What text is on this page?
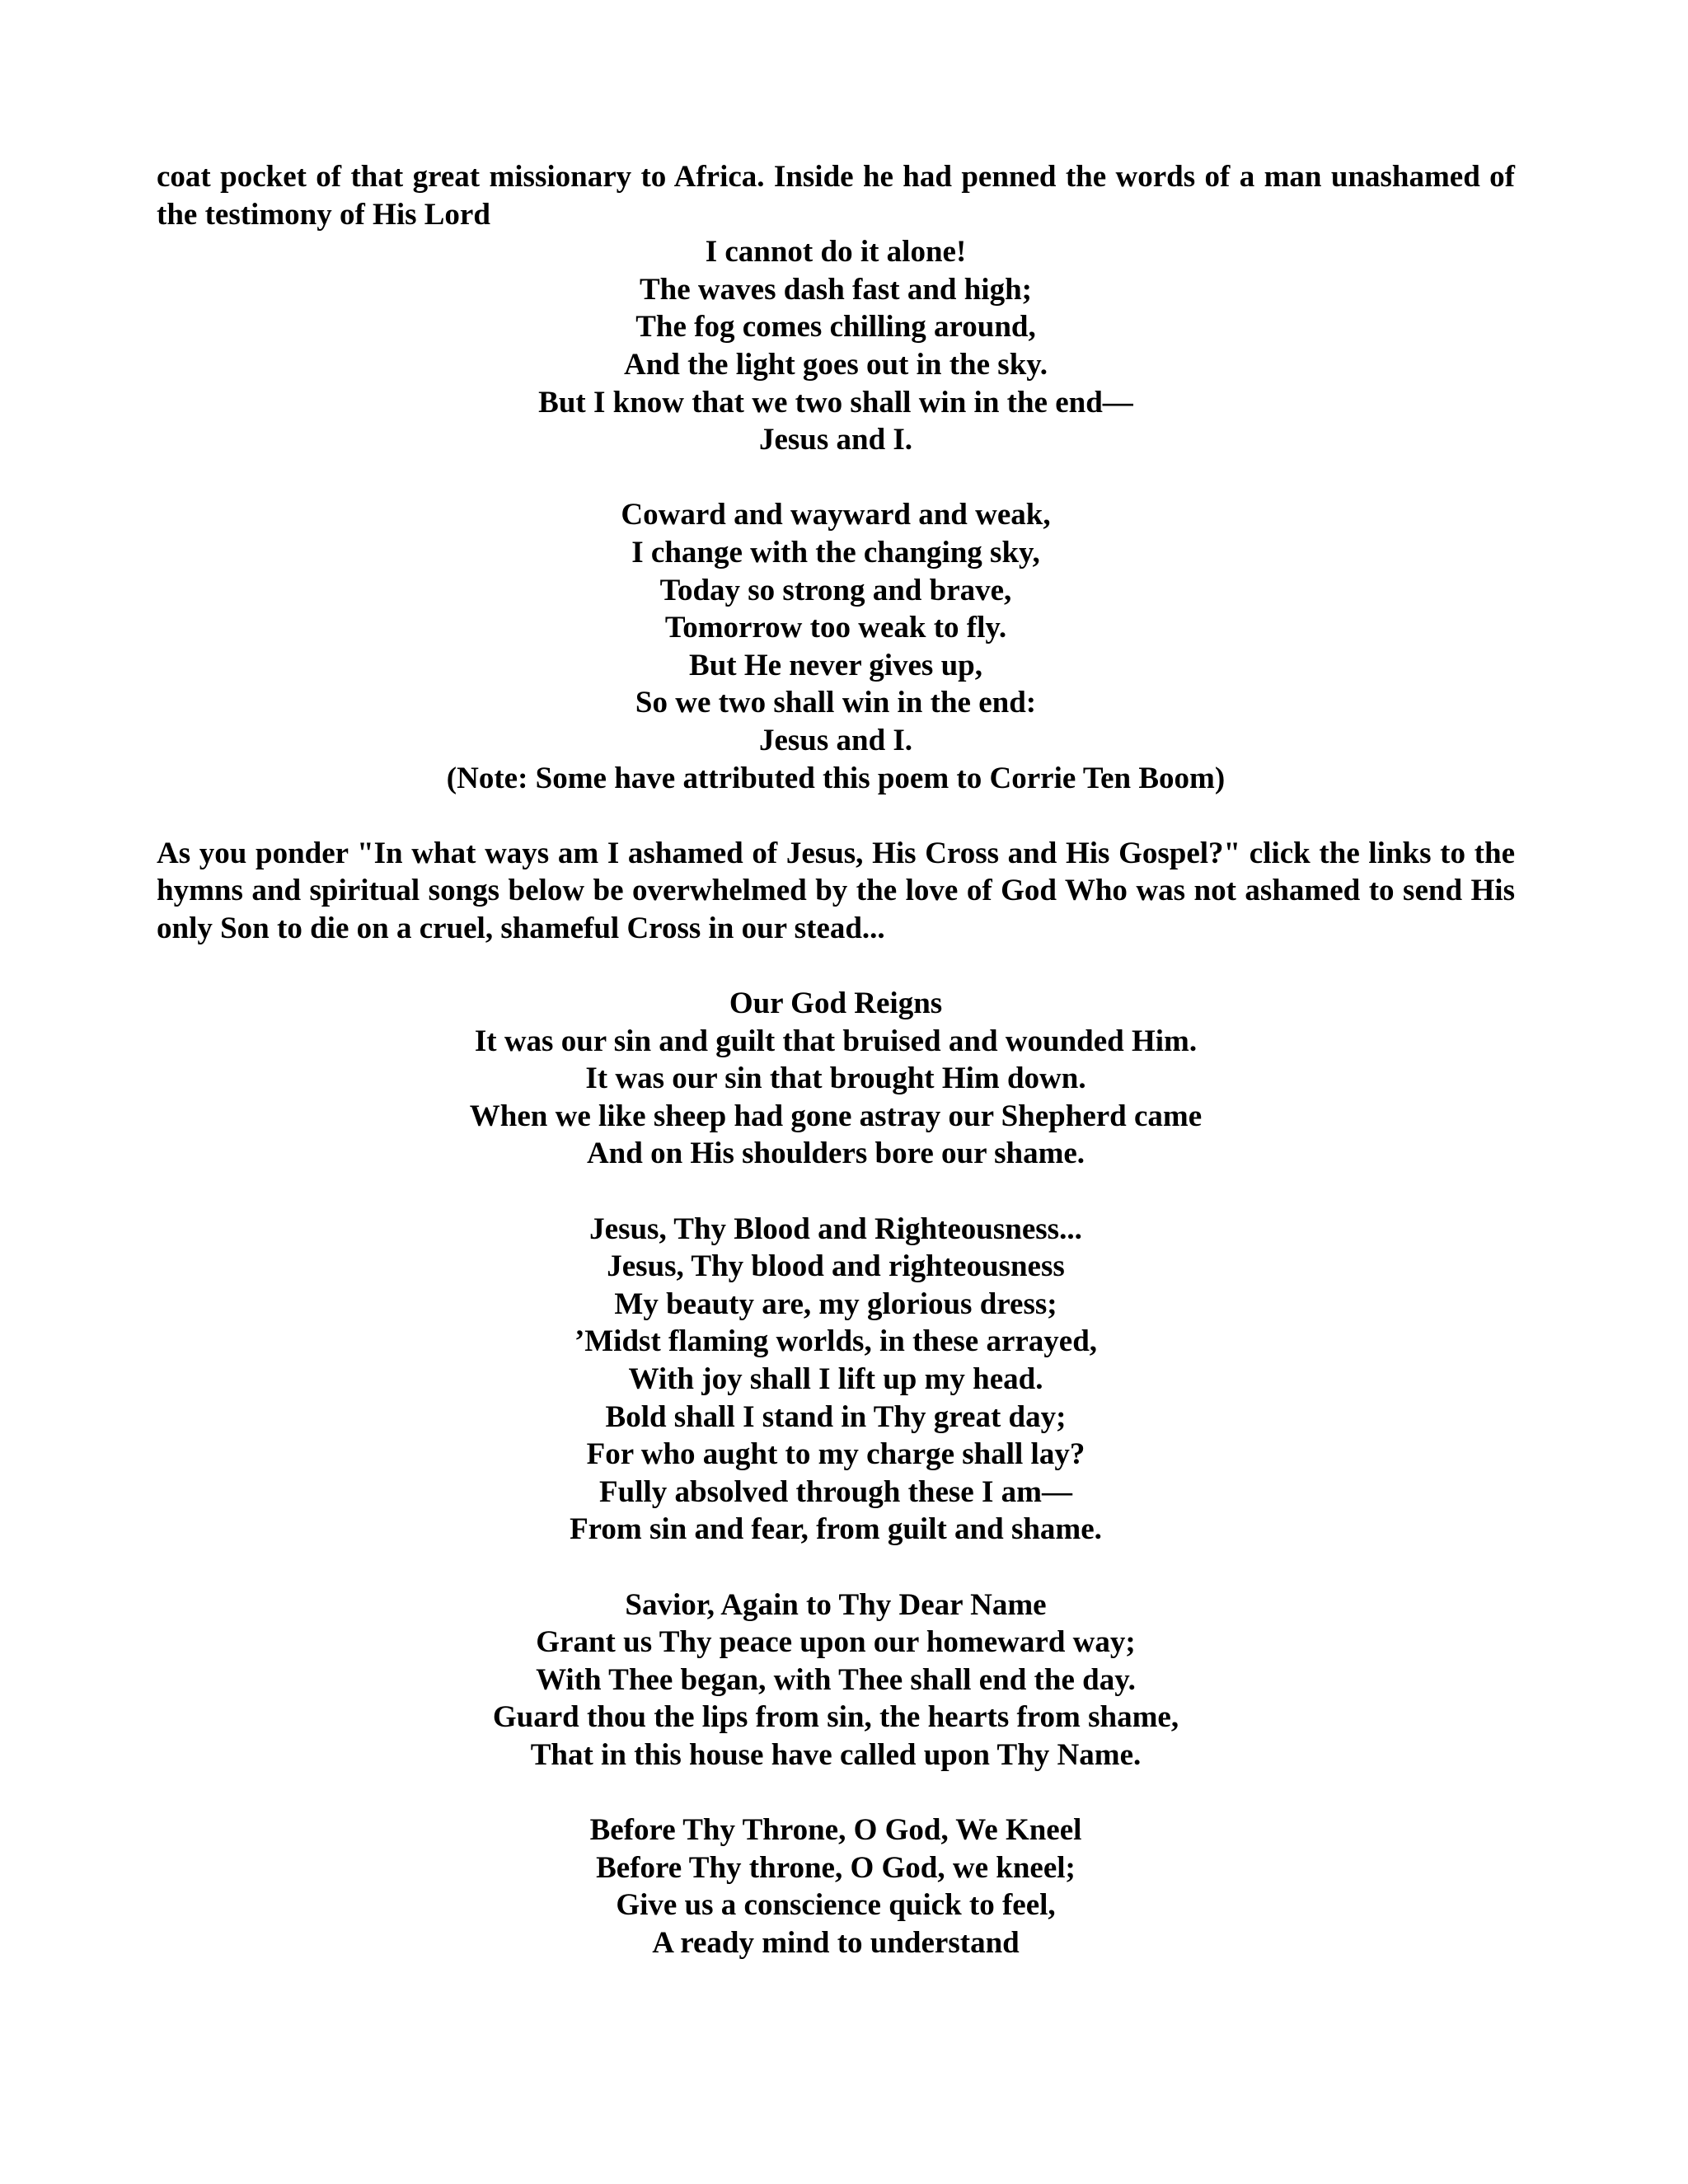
coat pocket of that great missionary to Africa. Inside he had penned the words of a man unashamed of the testimony of His Lord

I cannot do it alone!
The waves dash fast and high;
The fog comes chilling around,
And the light goes out in the sky.
But I know that we two shall win in the end—
Jesus and I.
Coward and wayward and weak,
I change with the changing sky,
Today so strong and brave,
Tomorrow too weak to fly.
But He never gives up,
So we two shall win in the end:
Jesus and I.
(Note: Some have attributed this poem to Corrie Ten Boom)

As you ponder "In what ways am I ashamed of Jesus, His Cross and His Gospel?" click the links to the hymns and spiritual songs below be overwhelmed by the love of God Who was not ashamed to send His only Son to die on a cruel, shameful Cross in our stead...

Our God Reigns
It was our sin and guilt that bruised and wounded Him.
It was our sin that brought Him down.
When we like sheep had gone astray our Shepherd came
And on His shoulders bore our shame.
Jesus, Thy Blood and Righteousness...
Jesus, Thy blood and righteousness
My beauty are, my glorious dress;
’Midst flaming worlds, in these arrayed,
With joy shall I lift up my head.
Bold shall I stand in Thy great day;
For who aught to my charge shall lay?
Fully absolved through these I am—
From sin and fear, from guilt and shame.
Savior, Again to Thy Dear Name
Grant us Thy peace upon our homeward way;
With Thee began, with Thee shall end the day.
Guard thou the lips from sin, the hearts from shame,
That in this house have called upon Thy Name.
Before Thy Throne, O God, We Kneel
Before Thy throne, O God, we kneel;
Give us a conscience quick to feel,
A ready mind to understand
